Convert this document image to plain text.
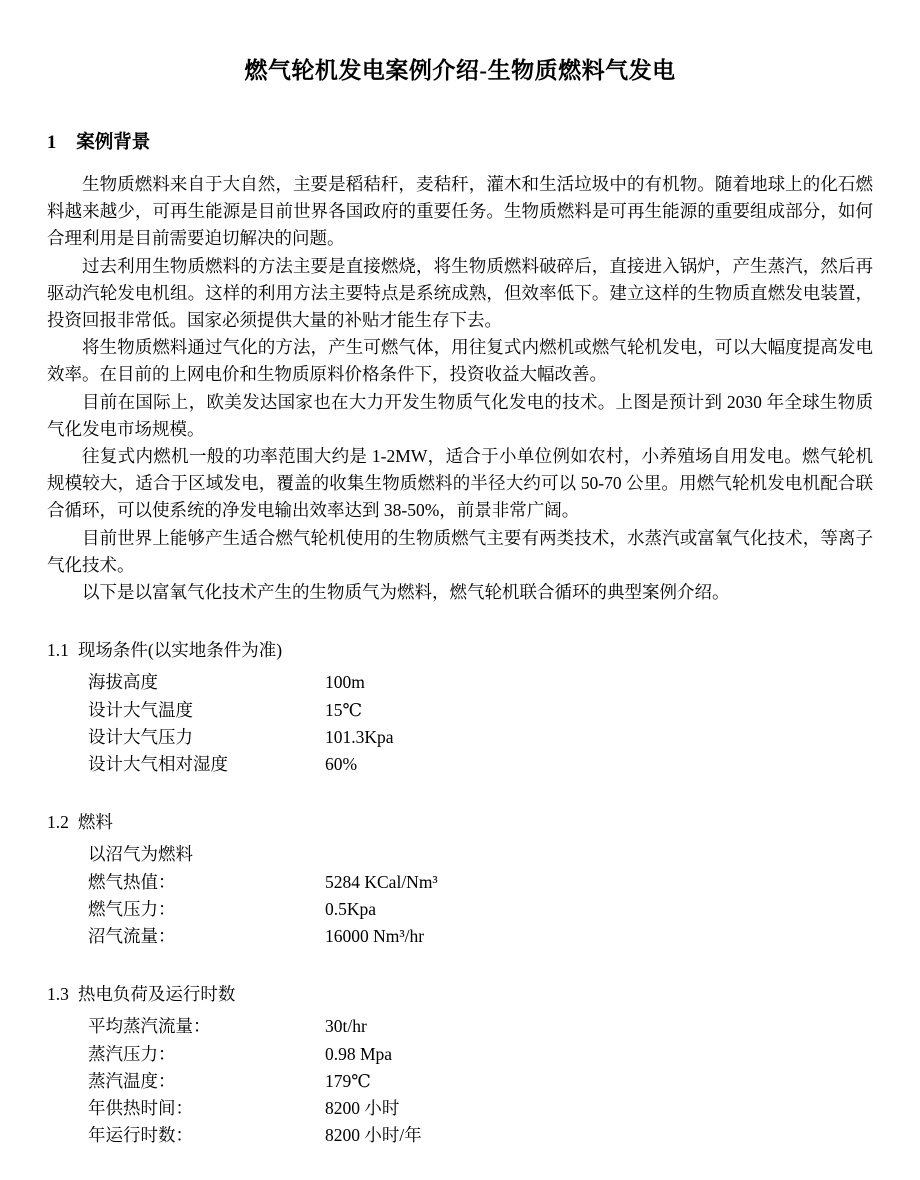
燃气轮机发电案例介绍-生物质燃料气发电
1 案例背景

生物质燃料来自于大自然，主要是稻秸秆，麦秸秆，灌木和生活垃圾中的有机物。随着地球上的化石燃料越来越少，可再生能源是目前世界各国政府的重要任务。生物质燃料是可再生能源的重要组成部分，如何合理利用是目前需要迫切解决的问题。

过去利用生物质燃料的方法主要是直接燃烧，将生物质燃料破碎后，直接进入锅炉，产生蒸汽，然后再驱动汽轮发电机组。这样的利用方法主要特点是系统成熟，但效率低下。建立这样的生物质直燃发电装置，投资回报非常低。国家必须提供大量的补贴才能生存下去。

将生物质燃料通过气化的方法，产生可燃气体，用往复式内燃机或燃气轮机发电，可以大幅度提高发电效率。在目前的上网电价和生物质原料价格条件下，投资收益大幅改善。

目前在国际上，欧美发达国家也在大力开发生物质气化发电的技术。上图是预计到 2030 年全球生物质气化发电市场规模。

往复式内燃机一般的功率范围大约是 1-2MW，适合于小单位例如农村，小养殖场自用发电。燃气轮机规模较大，适合于区域发电，覆盖的收集生物质燃料的半径大约可以 50-70 公里。用燃气轮机发电机配合联合循环，可以使系统的净发电输出效率达到 38-50%，前景非常广阔。

目前世界上能够产生适合燃气轮机使用的生物质燃气主要有两类技术，水蒸汽或富氧气化技术，等离子气化技术。

以下是以富氧气化技术产生的生物质气为燃料，燃气轮机联合循环的典型案例介绍。

1.1 现场条件(以实地条件为准)
海拔高度	100m
设计大气温度	15℃
设计大气压力	101.3Kpa
设计大气相对湿度	60%
1.2 燃料
以沼气为燃料
燃气热值：	5284 KCal/Nm³
燃气压力：	0.5Kpa
沼气流量：	16000 Nm³/hr
1.3 热电负荷及运行时数
平均蒸汽流量：	30t/hr
蒸汽压力：	0.98 Mpa
蒸汽温度：	179℃
年供热时间：	8200 小时
年运行时数：	8200 小时/年
